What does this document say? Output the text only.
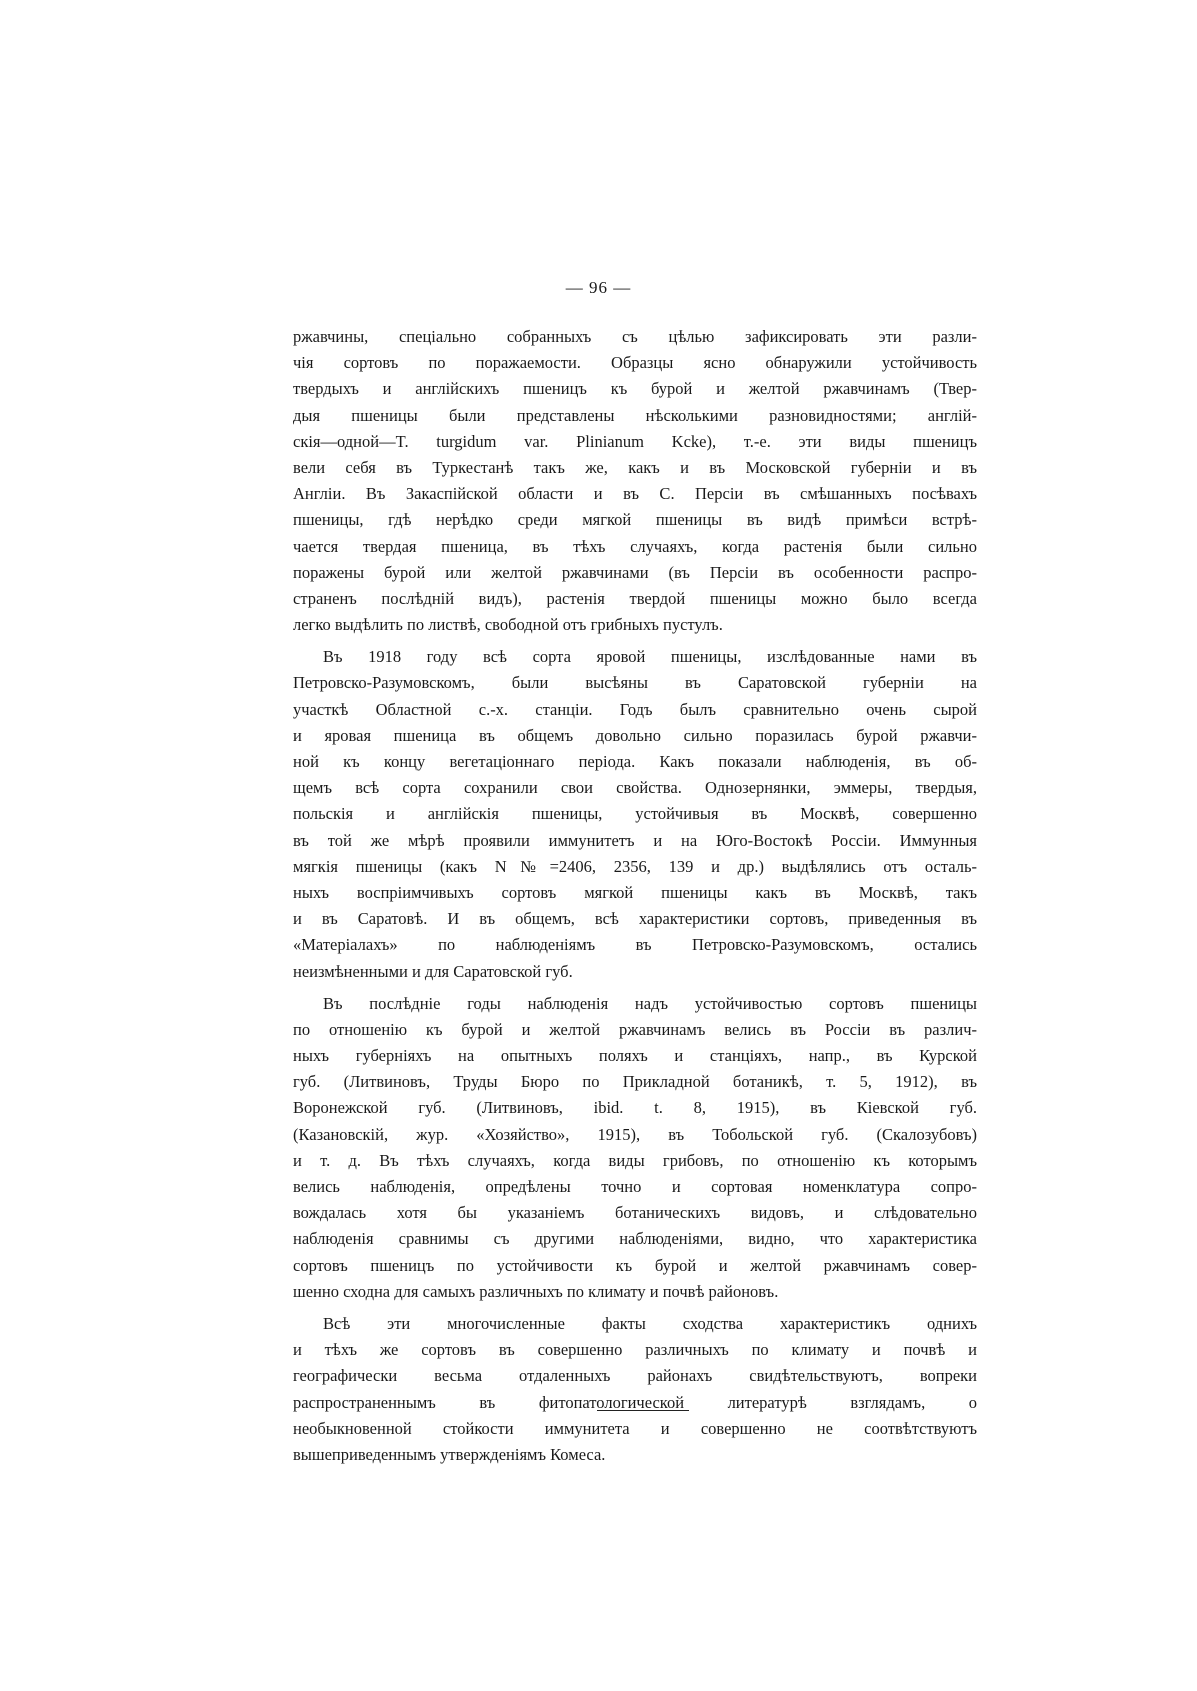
— 96 —
ржавчины, спеціально собранныхъ съ цѣлью зафиксировать эти разли-
чія сортовъ по поражаемости. Образцы ясно обнаружили устойчивость
твердыхъ и англійскихъ пшеницъ къ бурой и желтой ржавчинамъ (Твер-
дыя пшеницы были представлены нѣсколькими разновидностями; англій-
скія—одной—T. turgidum var. Plinianum Kcke), т.-е. эти виды пшеницъ
вели себя въ Туркестанѣ такъ же, какъ и въ Московской губерніи и въ
Англіи. Въ Закаспійской области и въ С. Персіи въ смѣшанныхъ посѣвахъ
пшеницы, гдѣ нерѣдко среди мягкой пшеницы въ видѣ примѣси встрѣ-
чается твердая пшеница, въ тѣхъ случаяхъ, когда растенія были сильно
поражены бурой или желтой ржавчинами (въ Персіи въ особенности распро-
страненъ послѣдній видъ), растенія твердой пшеницы можно было всегда
легко выдѣлить по листвѣ, свободной отъ грибныхъ пустулъ.
Въ 1918 году всѣ сорта яровой пшеницы, изслѣдованные нами въ
Петровско-Разумовскомъ, были высѣяны въ Саратовской губерніи на
участкѣ Областной с.-х. станціи. Годъ былъ сравнительно очень сырой
и яровая пшеница въ общемъ довольно сильно поразилась бурой ржавчи-
ной къ концу вегетаціоннаго періода. Какъ показали наблюденія, въ об-
щемъ всѣ сорта сохранили свои свойства. Однозернянки, эммеры, твердыя,
польскія и англійскія пшеницы, устойчивыя въ Москвѣ, совершенно
въ той же мѣрѣ проявили иммунитетъ и на Юго-Востокѣ Россіи. Иммунныя
мягкія пшеницы (какъ N№=2406, 2356, 139 и др.) выдѣлялись отъ осталь-
ныхъ воспріимчивыхъ сортовъ мягкой пшеницы какъ въ Москвѣ, такъ
и въ Саратовѣ. И въ общемъ, всѣ характеристики сортовъ, приведенныя въ
«Матеріалахъ» по наблюденіямъ въ Петровско-Разумовскомъ, остались
неизмѣненными и для Саратовской губ.
Въ послѣдніе годы наблюденія надъ устойчивостью сортовъ пшеницы
по отношенію къ бурой и желтой ржавчинамъ велись въ Россіи въ различ-
ныхъ губерніяхъ на опытныхъ поляхъ и станціяхъ, напр., въ Курской
губ. (Литвиновъ, Труды Бюро по Прикладной ботаникѣ, т. 5, 1912), въ
Воронежской губ. (Литвиновъ, ibid. t. 8, 1915), въ Кіевской губ.
(Казановскій, жур. «Хозяйство», 1915), въ Тобольской губ. (Скалозубовъ)
и т. д. Въ тѣхъ случаяхъ, когда виды грибовъ, по отношенію къ которымъ
велись наблюденія, опредѣлены точно и сортовая номенклатура сопро-
вождалась хотя бы указаніемъ ботаническихъ видовъ, и слѣдовательно
наблюденія сравнимы съ другими наблюденіями, видно, что характеристика
сортовъ пшеницъ по устойчивости къ бурой и желтой ржавчинамъ совер-
шенно сходна для самыхъ различныхъ по климату и почвѣ районовъ.
Всѣ эти многочисленные факты сходства характеристикъ однихъ
и тѣхъ же сортовъ въ совершенно различныхъ по климату и почвѣ и
географически весьма отдаленныхъ районахъ свидѣтельствуютъ, вопреки
распространеннымъ въ фитопатологической литературѣ взглядамъ, о
необыкновенной стойкости иммунитета и совершенно не соотвѣтствуютъ
вышеприведеннымъ утвержденіямъ Комеса.
